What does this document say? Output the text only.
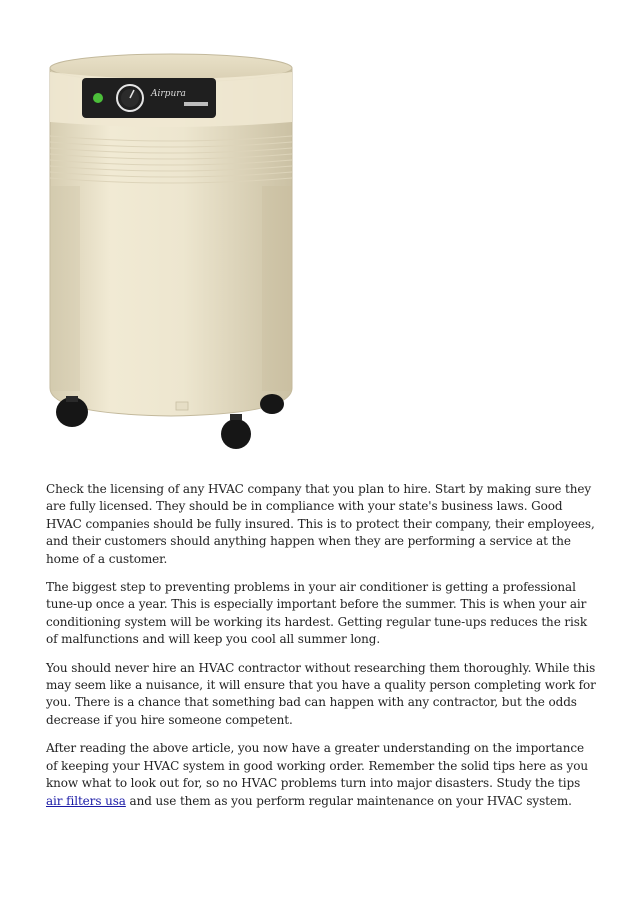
Airpura

Check the licensing of any HVAC company that you plan to hire. Start by making sure they are fully licensed. They should be in compliance with your state's business laws. Good HVAC companies should be fully insured. This is to protect their company, their employees, and their customers should anything happen when they are performing a service at the home of a customer.

The biggest step to preventing problems in your air conditioner is getting a professional tune-up once a year. This is especially important before the summer. This is when your air conditioning system will be working its hardest. Getting regular tune-ups reduces the risk of malfunctions and will keep you cool all summer long.

You should never hire an HVAC contractor without researching them thoroughly. While this may seem like a nuisance, it will ensure that you have a quality person completing work for you. There is a chance that something bad can happen with any contractor, but the odds decrease if you hire someone competent.

After reading the above article, you now have a greater understanding on the importance of keeping your HVAC system in good working order. Remember the solid tips here as you know what to look out for, so no HVAC problems turn into major disasters. Study the tips air filters usa and use them as you perform regular maintenance on your HVAC system.
